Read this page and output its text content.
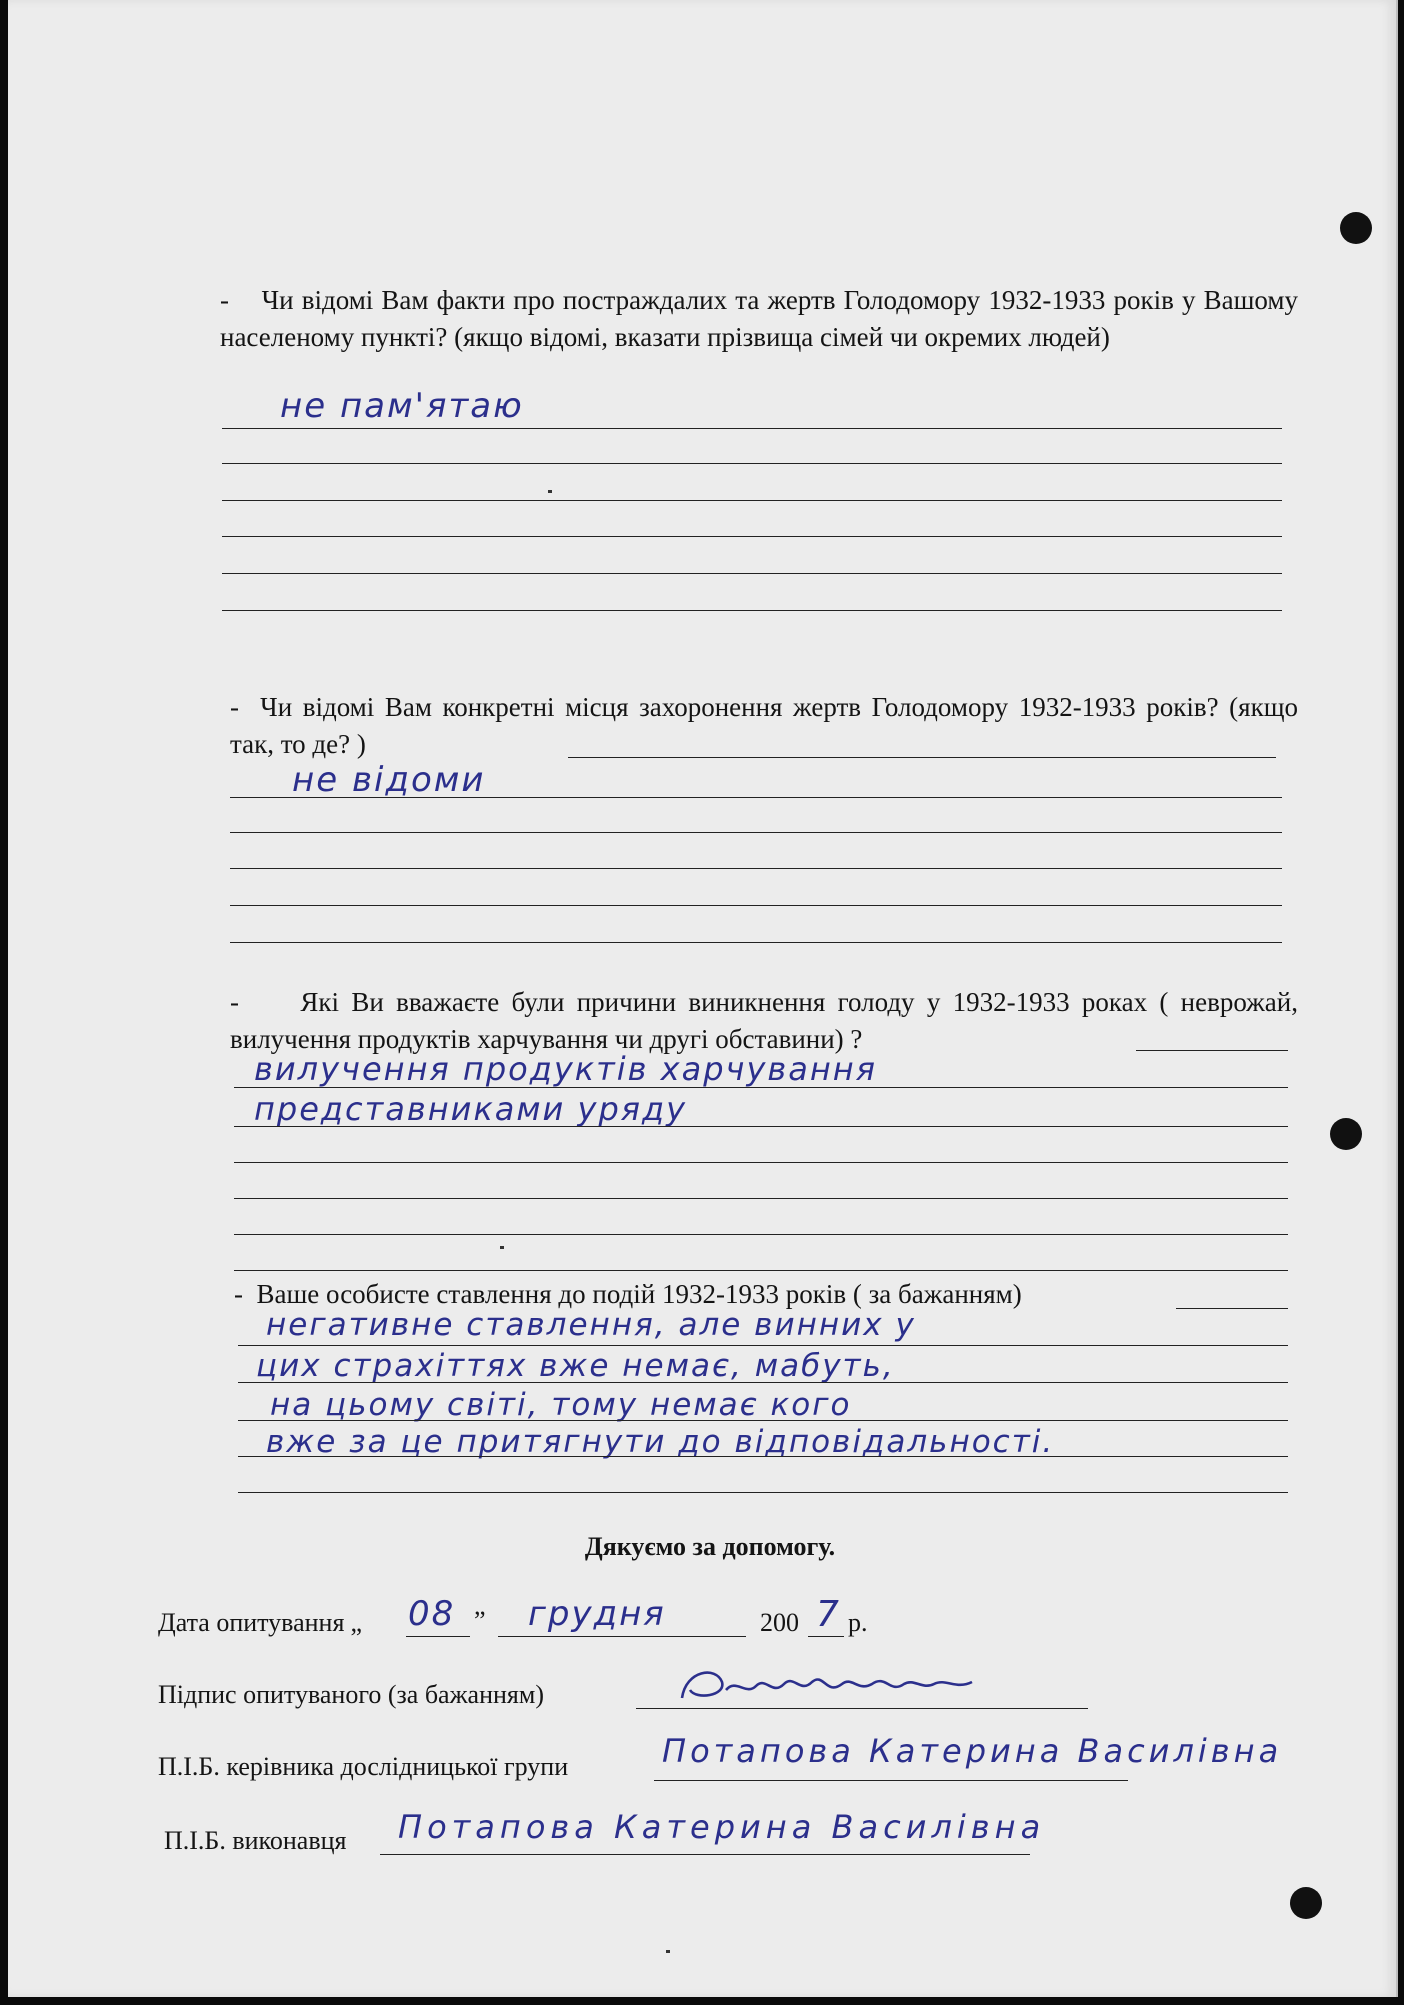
-    Чи відомі Вам факти про постраждалих та жертв Голодомору 1932-1933 років у Вашому населеному пункті? (якщо відомі, вказати прізвища сімей чи окремих людей)
не пам'ятаю
-  Чи відомі Вам конкретні місця захоронення жертв Голодомору 1932-1933 років? (якщо так, то де? )
не відоми
-     Які Ви вважаєте були причини виникнення голоду у 1932-1933 роках ( неврожай, вилучення продуктів харчування чи другі обставини) ?
вилучення продуктів харчування
представниками уряду
-  Ваше особисте ставлення до подій 1932-1933 років ( за бажанням)
негативне ставлення, але винних у
цих страхіттях вже немає, мабуть,
на цьому світі, тому немає кого
вже за це притягнути до відповідальності.
Дякуємо за допомогу.
Дата опитування „ 08 ” грудня	200 7 р.
Підпис опитуваного (за бажанням)
П.І.Б. керівника дослідницької групи	Потапова Катерина Василівна
П.І.Б. виконавця Потапова Катерина Василівна
